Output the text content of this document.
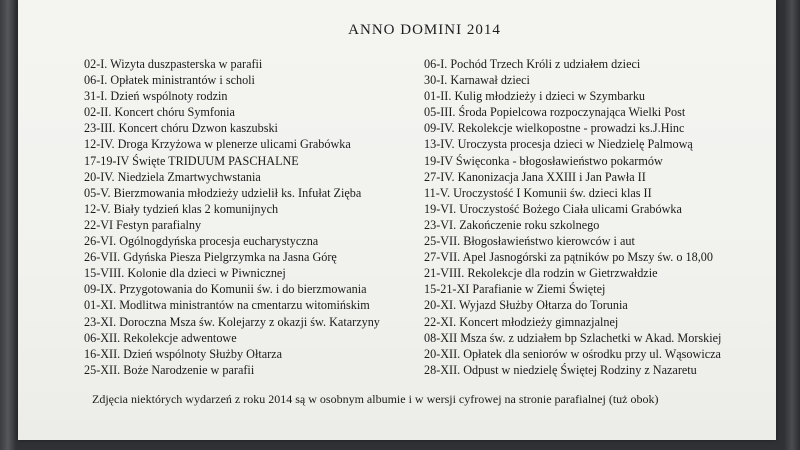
ANNO DOMINI 2014
02-I. Wizyta duszpasterska w parafii
06-I. Opłatek ministrantów i scholi
31-I. Dzień wspólnoty rodzin
02-II. Koncert chóru Symfonia
23-III. Koncert chóru Dzwon kaszubski
12-IV. Droga Krzyżowa w plenerze ulicami Grabówka
17-19-IV Święte TRIDUUM PASCHALNE
20-IV. Niedziela Zmartwychwstania
05-V. Bierzmowania młodzieży udzielił ks. Infułat Zięba
12-V. Biały tydzień klas 2 komunijnych
22-VI Festyn parafialny
26-VI. Ogólnogdyńska procesja eucharystyczna
26-VII. Gdyńska Piesza Pielgrzymka na Jasna Górę
15-VIII. Kolonie dla dzieci w Piwnicznej
09-IX. Przygotowania do Komunii św. i do bierzmowania
01-XI. Modlitwa ministrantów na cmentarzu witomińskim
23-XI. Doroczna Msza św. Kolejarzy z okazji św. Katarzyny
06-XII. Rekolekcje adwentowe
16-XII. Dzień wspólnoty Służby Ołtarza
25-XII. Boże Narodzenie w parafii
06-I. Pochód Trzech Króli z udziałem dzieci
30-I. Karnawał dzieci
01-II. Kulig młodzieży i dzieci w Szymbarku
05-III. Środa Popielcowa rozpoczynająca Wielki Post
09-IV. Rekolekcje wielkopostne - prowadzi ks.J.Hinc
13-IV. Uroczysta procesja dzieci w Niedzielę Palmową
19-IV Święconka - błogosławieństwo pokarmów
27-IV. Kanonizacja Jana XXIII i Jan Pawła II
11-V. Uroczystość I Komunii św. dzieci klas II
19-VI. Uroczystość Bożego Ciała ulicami Grabówka
23-VI. Zakończenie roku szkolnego
25-VII. Błogosławieństwo kierowców i aut
27-VII. Apel Jasnogórski za pątników po Mszy św. o 18,00
21-VIII. Rekolekcje dla rodzin w Gietrzwałdzie
15-21-XI Parafianie w Ziemi Świętej
20-XI. Wyjazd Służby Ołtarza do Torunia
22-XI. Koncert młodzieży gimnazjalnej
08-XII Msza św. z udziałem bp Szlachetki w Akad. Morskiej
20-XII. Opłatek dla seniorów w ośrodku przy ul. Wąsowicza
28-XII. Odpust w niedzielę Świętej Rodziny z Nazaretu
Zdjęcia niektórych wydarzeń z roku 2014 są w osobnym albumie i w wersji cyfrowej na stronie parafialnej (tuż obok)
